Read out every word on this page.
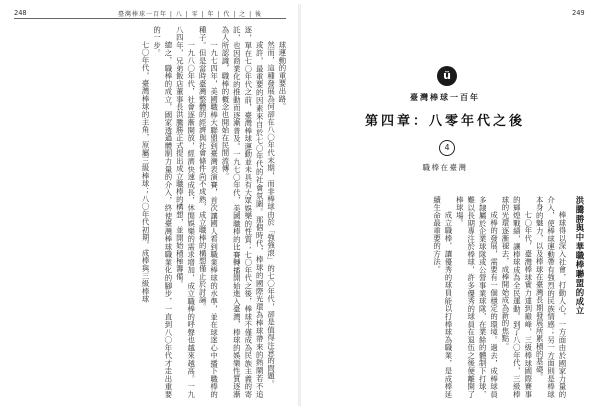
248	臺灣棒球一百年 | 八 | 零 | 年 | 代 | 之 | 後

球運動的重要出路。

然而，這種發展為何卻在八〇年代末期，而非棒球由於「強強滾」的七〇年代，卻是值得注意的問題。

或許，最重要的因素來自於七〇年代的社會氛圍。那個時代，棒球的國際光環為棒球帶來的熱鬧若不追逐，單在七〇年代之前，臺灣棒球運動並未具有大眾娛樂的性質；七〇年代之後，棒球不僅成為民族主義的寄託，也因商業化的推動而逐漸普及。一九七〇年代，美國職棒的比賽轉播開始進入臺灣，棒球的娛樂性質逐漸為人所認識，職棒的概念也開始在民間流傳。

一九七四年，美國職棒大聯盟到臺灣表演賽，首次讓國人看到職業棒球的水準，並在球迷心中播下職棒的種子。但是當時臺灣整體的經濟與社會條件尚不成熟，成立職棒的構想僅止於討論。

一九八〇年代，社會逐漸開放，經濟快速成長，休閒娛樂的需求增加，成立職棒的呼聲也越來越高。一九八四年，兄弟飯店董事長洪騰勝正式提出成立職棒的構想，並開始積極籌備。

總之，職棒的成立，國家透過體制力量的介入，終使臺灣棒球職業化的腳步，一直到八〇年代才走出重要的一步。

七〇年代，臺灣棒球的主角，原屬三級棒球；八〇年代初期，成棒與三級棒球

249
ü
臺灣棒球一百年
第四章：八零年代之後
4
職棒在臺灣
洪騰勝與中華職棒聯盟的成立

棒球得以深入社會，打動人心，一方面由於國家力量的介入，使棒球運動帶有強烈的民族情感；另一方面則是棒球本身的魅力，以及棒球在臺灣長期發展所累積的基礎。

七〇年代，臺灣棒球實力達到巔峰，三級棒球國際賽事的輝煌戰績，讓棒球成為全民運動。到了八〇年代，三級棒球的光環逐漸褪去，成棒開始成為新的焦點。

成棒的發展，需要有一個穩定的環境。過去，成棒球員多隸屬於企業球隊或公營事業球隊，在業餘的體制下打球，難以長期專注於棒球，許多優秀的球員在退伍之後便離開了棒球場。

成立職棒，讓優秀的球員能以打棒球為職業，是成棒延續生命最重要的方法。
